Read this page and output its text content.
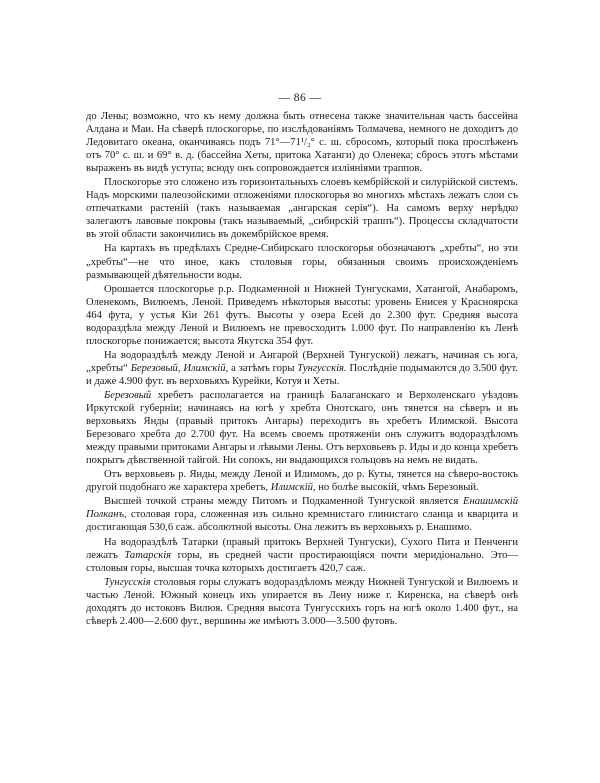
— 86 —

до Лены; возможно, что къ нему должна быть отнесена также значительная часть бассейна Алдана и Маи. На сѣверѣ плоскогорье, по изслѣдованіямъ Толмачева, немного не доходитъ до Ледовитаго океана, оканчиваясь подъ 71°—71¹/₂° с. ш. сбросомъ, который пока прослѣженъ отъ 70° с. ш. и 69° в. д. (бассейна Хеты, притока Хатанги) до Оленека; сбросъ этотъ мѣстами выраженъ въ видѣ уступа; всюду онъ сопровождается изліяніями траппов.

Плоскогорье это сложено изъ горизонтальныхъ слоевъ кембрійской и силурійской системъ. Надъ морскими палеозойскими отложеніями плоскогорья во многихъ мѣстахъ лежатъ слои съ отпечатками растеній (такъ называемая „ангарская серія“). На самомъ верху нерѣдко залегаютъ лавовые покровы (такъ называемый, „сибирскій траппъ“). Процессы складчатости въ этой области закончились въ докембрійское время.

На картахъ въ предѣлахъ Средне-Сибирскаго плоскогорья обозначаютъ „хребты“, но эти „хребты“—не что иное, какъ столовыя горы, обязанныя своимъ происхожденіемъ размывающей дѣятельности воды.

Орошается плоскогорье р.р. Подкаменной и Нижней Тунгусками, Хатангой, Анабаромъ, Оленекомъ, Вилюемъ, Леной. Приведемъ нѣкоторыя высоты: уровень Енисея у Красноярска 464 фута, у устья Кіи 261 футъ. Высоты у озера Есей до 2.300 фут. Средняя высота водораздѣла между Леной и Вилюемъ не превосходитъ 1.000 фут. По направленію къ Ленѣ плоскогорье понижается; высота Якутска 354 фут.

На водораздѣлѣ между Леной и Ангарой (Верхней Тунгуской) лежатъ, начиная съ юга, „хребты“ Березовый, Илимскій, а затѣмъ горы Тунгусскія. Послѣдніе подымаются до 3.500 фут. и даже 4.900 фут. въ верховьяхъ Курейки, Котуя и Хеты.

Березовый хребетъ располагается на границѣ Балаганскаго и Верхоленскаго уѣздовъ Иркутской губерніи; начинаясь на югѣ у хребта Онотскаго, онъ тянется на сѣверъ и въ верховьяхъ Янды (правый притокъ Ангары) переходитъ въ хребетъ Илимской. Высота Березоваго хребта до 2.700 фут. На всемъ своемъ протяженіи онъ служитъ водораздѣломъ между правыми притоками Ангары и лѣвыми Лены. Отъ верховьевъ р. Иды и до конца хребетъ покрытъ дѣвственной тайгой. Ни сопокъ, ни выдающихся гольцовъ на немъ не видать.

Отъ верховьевъ р. Янды, между Леной и Илимомъ, до р. Куты, тянется на сѣверо-востокъ другой подобнаго же характера хребетъ, Илимскій, но болѣе высокій, чѣмъ Березовый.

Высшей точкой страны между Питомъ и Подкаменной Тунгуской является Енашимскій Полканъ, столовая гора, сложенная изъ сильно кремнистаго глинистаго сланца и кварцита и достигающая 530,6 саж. абсолютной высоты. Она лежитъ въ верховьяхъ р. Енашимо.

На водораздѣлѣ Татарки (правый притокъ Верхней Тунгуски), Сухого Пита и Пенченги лежатъ Татарскія горы, въ средней части простирающіяся почти меридіонально. Это—столовыя горы, высшая точка которыхъ достигаетъ 420,7 саж.

Тунгусскія столовыя горы служатъ водораздѣломъ между Нижней Тунгуской и Вилюемъ и частью Леной. Южный конецъ ихъ упирается въ Лену ниже г. Киренска, на сѣверѣ онѣ доходятъ до истоковъ Вилюя. Средняя высота Тунгусскихъ горъ на югѣ около 1.400 фут., на сѣверѣ 2.400—2.600 фут., вершины же имѣютъ 3.000—3.500 футовъ.
